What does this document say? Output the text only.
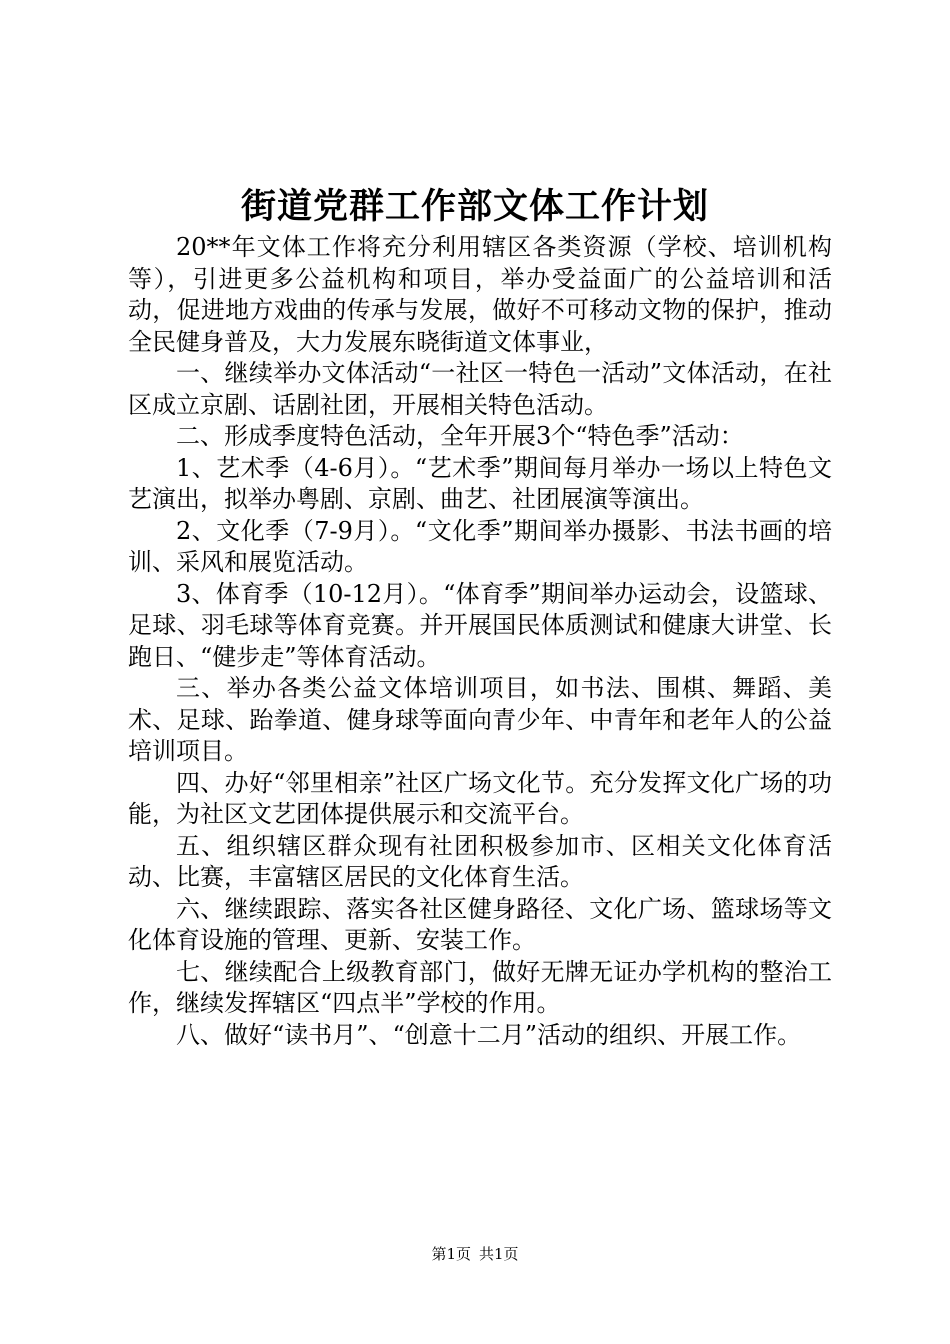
街道党群工作部文体工作计划

20**年文体工作将充分利用辖区各类资源（学校、培训机构等），引进更多公益机构和项目，举办受益面广的公益培训和活动，促进地方戏曲的传承与发展，做好不可移动文物的保护，推动全民健身普及，大力发展东晓街道文体事业，

一、继续举办文体活动“一社区一特色一活动”文体活动，在社区成立京剧、话剧社团，开展相关特色活动。

二、形成季度特色活动，全年开展3个“特色季”活动：

1、艺术季（4-6月）。“艺术季”期间每月举办一场以上特色文艺演出，拟举办粤剧、京剧、曲艺、社团展演等演出。

2、文化季（7-9月）。“文化季”期间举办摄影、书法书画的培训、采风和展览活动。

3、体育季（10-12月）。“体育季”期间举办运动会，设篮球、足球、羽毛球等体育竞赛。并开展国民体质测试和健康大讲堂、长跑日、“健步走”等体育活动。

三、举办各类公益文体培训项目，如书法、围棋、舞蹈、美术、足球、跆拳道、健身球等面向青少年、中青年和老年人的公益培训项目。

四、办好“邻里相亲”社区广场文化节。充分发挥文化广场的功能，为社区文艺团体提供展示和交流平台。

五、组织辖区群众现有社团积极参加市、区相关文化体育活动、比赛，丰富辖区居民的文化体育生活。

六、继续跟踪、落实各社区健身路径、文化广场、篮球场等文化体育设施的管理、更新、安装工作。

七、继续配合上级教育部门，做好无牌无证办学机构的整治工作，继续发挥辖区“四点半”学校的作用。

八、做好“读书月”、“创意十二月”活动的组织、开展工作。

第1页 共1页
